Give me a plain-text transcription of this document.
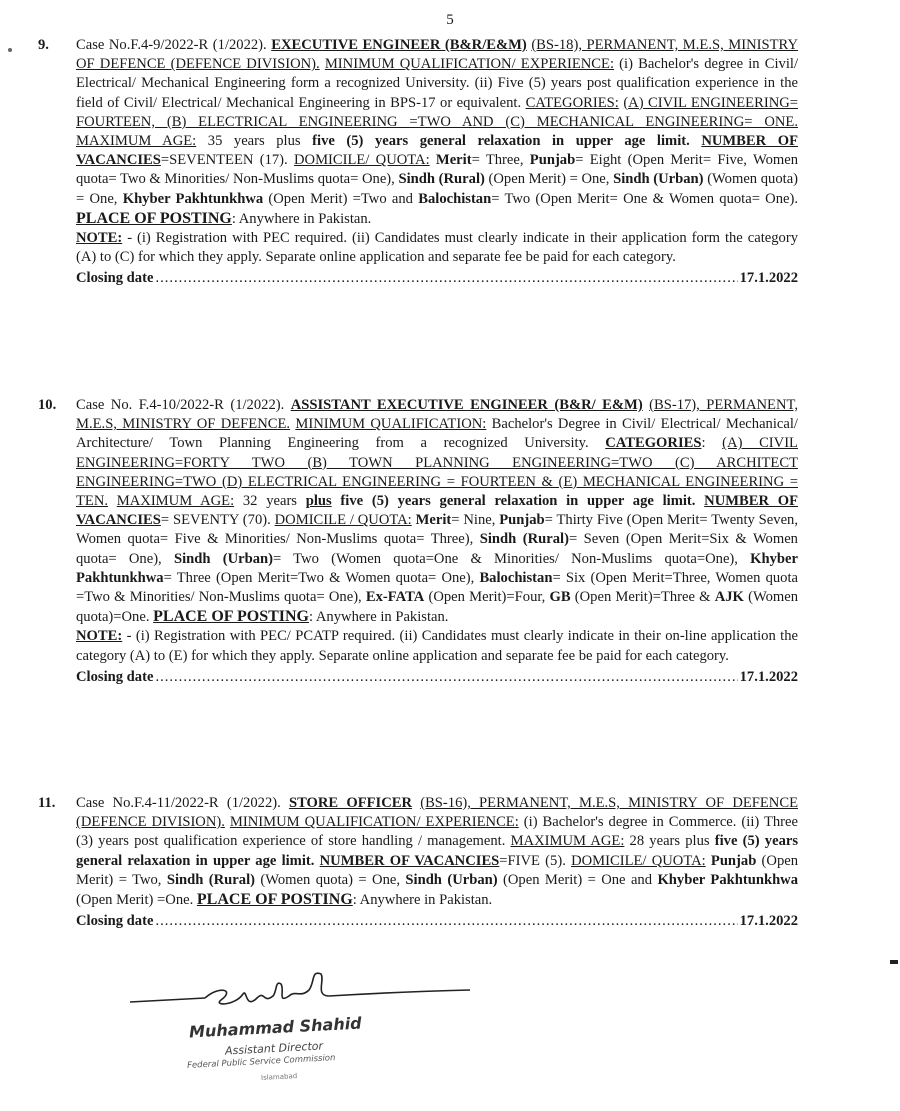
5
9.	Case No.F.4-9/2022-R (1/2022). EXECUTIVE ENGINEER (B&R/E&M) (BS-18), PERMANENT, M.E.S, MINISTRY OF DEFENCE (DEFENCE DIVISION). MINIMUM QUALIFICATION/ EXPERIENCE: (i) Bachelor's degree in Civil/ Electrical/ Mechanical Engineering form a recognized University. (ii) Five (5) years post qualification experience in the field of Civil/ Electrical/ Mechanical Engineering in BPS-17 or equivalent. CATEGORIES: (A) CIVIL ENGINEERING= FOURTEEN, (B) ELECTRICAL ENGINEERING =TWO AND (C) MECHANICAL ENGINEERING= ONE. MAXIMUM AGE: 35 years plus five (5) years general relaxation in upper age limit. NUMBER OF VACANCIES=SEVENTEEN (17). DOMICILE/ QUOTA: Merit= Three, Punjab= Eight (Open Merit= Five, Women quota= Two & Minorities/ Non-Muslims quota= One), Sindh (Rural) (Open Merit) = One, Sindh (Urban) (Women quota) = One, Khyber Pakhtunkhwa (Open Merit) =Two and Balochistan= Two (Open Merit= One & Women quota= One). PLACE OF POSTING: Anywhere in Pakistan.

NOTE: - (i) Registration with PEC required. (ii) Candidates must clearly indicate in their application form the category (A) to (C) for which they apply. Separate online application and separate fee be paid for each category.

Closing date .....	17.1.2022
10.	Case No. F.4-10/2022-R (1/2022). ASSISTANT EXECUTIVE ENGINEER (B&R/ E&M) (BS-17), PERMANENT, M.E.S, MINISTRY OF DEFENCE. MINIMUM QUALIFICATION: Bachelor's Degree in Civil/ Electrical/ Mechanical/ Architecture/ Town Planning Engineering from a recognized University. CATEGORIES: (A) CIVIL ENGINEERING=FORTY TWO (B) TOWN PLANNING ENGINEERING=TWO (C) ARCHITECT ENGINEERING=TWO (D) ELECTRICAL ENGINEERING = FOURTEEN & (E) MECHANICAL ENGINEERING = TEN. MAXIMUM AGE: 32 years plus five (5) years general relaxation in upper age limit. NUMBER OF VACANCIES= SEVENTY (70). DOMICILE / QUOTA: Merit= Nine, Punjab= Thirty Five (Open Merit= Twenty Seven, Women quota= Five & Minorities/ Non-Muslims quota= Three), Sindh (Rural)= Seven (Open Merit=Six & Women quota= One), Sindh (Urban)= Two (Women quota=One & Minorities/ Non-Muslims quota=One), Khyber Pakhtunkhwa= Three (Open Merit=Two & Women quota= One), Balochistan= Six (Open Merit=Three, Women quota =Two & Minorities/ Non-Muslims quota= One), Ex-FATA (Open Merit)=Four, GB (Open Merit)=Three & AJK (Women quota)=One. PLACE OF POSTING: Anywhere in Pakistan.

NOTE: - (i) Registration with PEC/ PCATP required. (ii) Candidates must clearly indicate in their on-line application the category (A) to (E) for which they apply. Separate online application and separate fee be paid for each category.

Closing date .....	17.1.2022
11.	Case No.F.4-11/2022-R (1/2022). STORE OFFICER (BS-16), PERMANENT, M.E.S, MINISTRY OF DEFENCE (DEFENCE DIVISION). MINIMUM QUALIFICATION/ EXPERIENCE: (i) Bachelor's degree in Commerce. (ii) Three (3) years post qualification experience of store handling / management. MAXIMUM AGE: 28 years plus five (5) years general relaxation in upper age limit. NUMBER OF VACANCIES=FIVE (5). DOMICILE/ QUOTA: Punjab (Open Merit) = Two, Sindh (Rural) (Women quota) = One, Sindh (Urban) (Open Merit) = One and Khyber Pakhtunkhwa (Open Merit) =One. PLACE OF POSTING: Anywhere in Pakistan.

Closing date .....	17.1.2022
Muhammad Shahid
Assistant Director
Federal Public Service Commission
Islamabad
